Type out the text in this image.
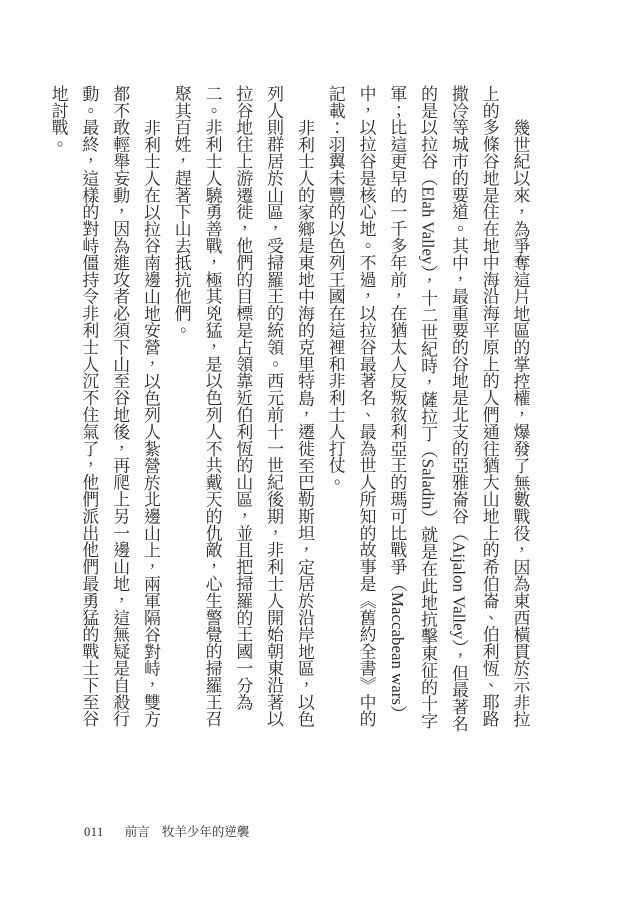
幾世紀以來，為爭奪這片地區的掌控權，爆發了無數戰役，因為東西橫貫於示非拉上的多條谷地是住在地中海沿海平原上的人們通往猶大山地上的希伯崙、伯利恆、耶路撒冷等城市的要道。其中，最重要的谷地是北支的亞雅崙谷（Aijalon Valley），但最著名的是以拉谷（Elah Valley），十二世紀時，薩拉丁（Saladin）就是在此地抗擊東征的十字軍；比這更早的一千多年前，在猶太人反叛敘利亞王的瑪可比戰爭（Maccabean wars）中，以拉谷是核心地。不過，以拉谷最著名、最為世人所知的故事是《舊約全書》中的記載：羽翼未豐的以色列王國在這裡和非利士人打仗。

非利士人的家鄉是東地中海的克里特島，遷徙至巴勒斯坦，定居於沿岸地區，以色列人則群居於山區，受掃羅王的統領。西元前十一世紀後期，非利士人開始朝東沿著以拉谷地往上游遷徙，他們的目標是占領靠近伯利恆的山區，並且把掃羅的王國一分為二。非利士人驍勇善戰，極其兇猛，是以色列人不共戴天的仇敵，心生警覺的掃羅王召聚其百姓，趕著下山去抵抗他們。

非利士人在以拉谷南邊山地安營，以色列人紮營於北邊山上，兩軍隔谷對峙，雙方都不敢輕舉妄動，因為進攻者必須下山至谷地後，再爬上另一邊山地，這無疑是自殺行動。最終，這樣的對峙僵持令非利士人沉不住氣了，他們派出他們最勇猛的戰士下至谷地討戰。

011 前言 牧羊少年的逆襲
